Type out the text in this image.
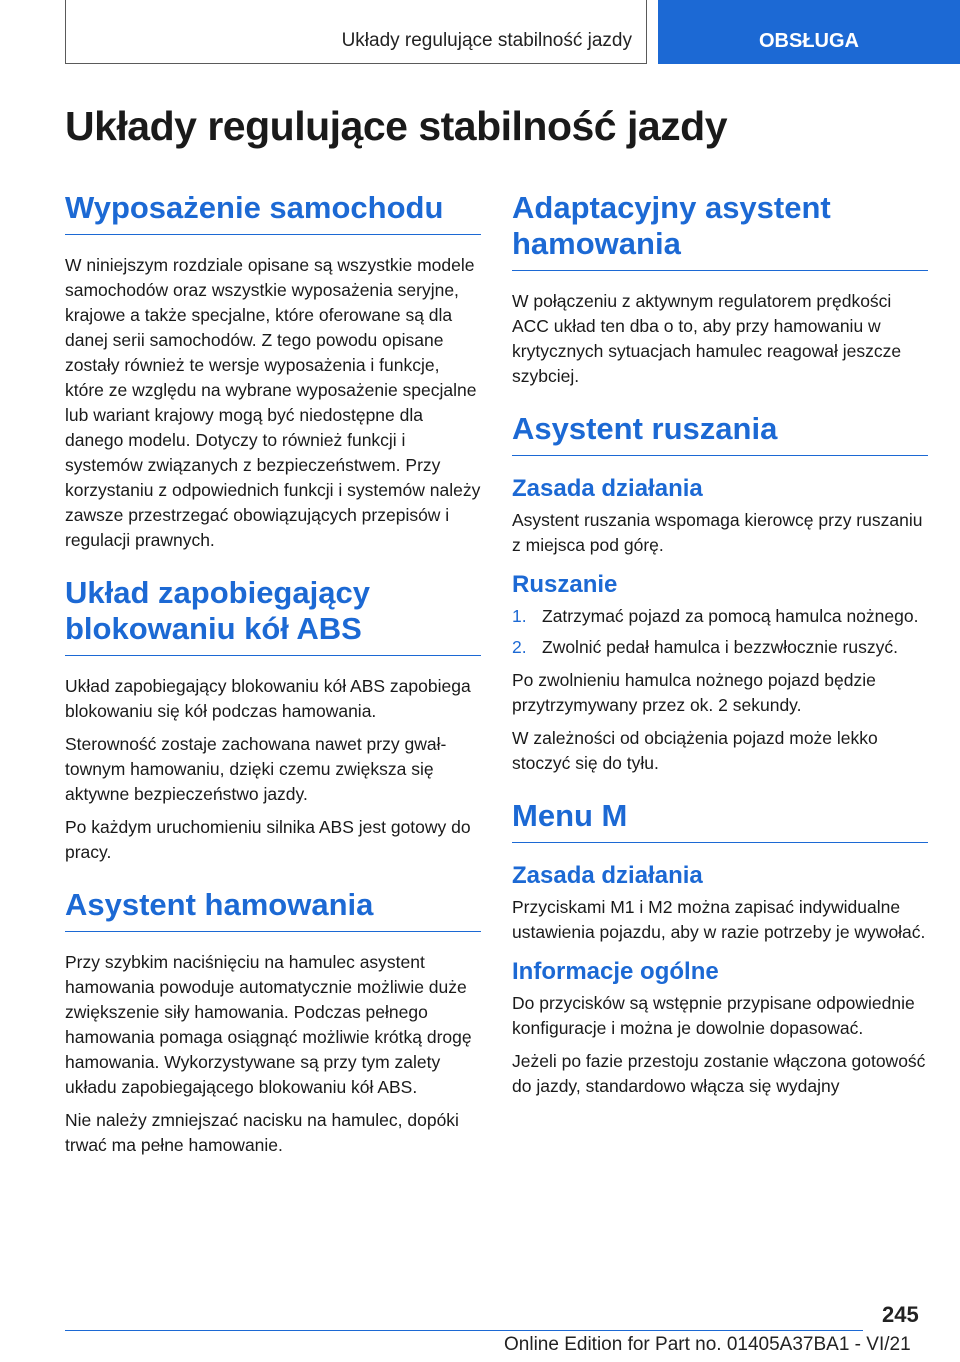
Układy regulujące stabilność jazdy	OBSŁUGA
Układy regulujące stabilność jazdy
Wyposażenie samochodu

W niniejszym rozdziale opisane są wszystkie modele samochodów oraz wszystkie wyposażenia seryjne, krajowe a także specjalne, które oferowane są dla danej serii samochodów. Z tego powodu opisane zostały również te wersje wyposażenia i funkcje, które ze względu na wybrane wyposażenie specjalne lub wariant krajowy mogą być niedostępne dla danego modelu. Dotyczy to również funkcji i systemów związanych z bezpieczeństwem. Przy korzystaniu z odpowiednich funkcji i systemów należy zawsze przestrzegać obowiązujących przepisów i regulacji prawnych.

Układ zapobiegający blokowaniu kół ABS

Układ zapobiegający blokowaniu kół ABS zapobiega blokowaniu się kół podczas hamowania.

Sterowność zostaje zachowana nawet przy gwałtownym hamowaniu, dzięki czemu zwiększa się aktywne bezpieczeństwo jazdy.

Po każdym uruchomieniu silnika ABS jest gotowy do pracy.

Asystent hamowania

Przy szybkim naciśnięciu na hamulec asystent hamowania powoduje automatycznie możliwie duże zwiększenie siły hamowania. Podczas pełnego hamowania pomaga osiągnąć możliwie krótką drogę hamowania. Wykorzystywane są przy tym zalety układu zapobiegającego blokowaniu kół ABS.

Nie należy zmniejszać nacisku na hamulec, dopóki trwać ma pełne hamowanie.

Adaptacyjny asystent hamowania

W połączeniu z aktywnym regulatorem prędkości ACC układ ten dba o to, aby przy hamowaniu w krytycznych sytuacjach hamulec reagował jeszcze szybciej.

Asystent ruszania
Zasada działania

Asystent ruszania wspomaga kierowcę przy ruszaniu z miejsca pod górę.

Ruszanie
1. Zatrzymać pojazd za pomocą hamulca nożnego.
2. Zwolnić pedał hamulca i bezzwłocznie ruszyć.

Po zwolnieniu hamulca nożnego pojazd będzie przytrzymywany przez ok. 2 sekundy.

W zależności od obciążenia pojazd może lekko stoczyć się do tyłu.

Menu M
Zasada działania

Przyciskami M1 i M2 można zapisać indywidualne ustawienia pojazdu, aby w razie potrzeby je wywołać.

Informacje ogólne

Do przycisków są wstępnie przypisane odpowiednie konfiguracje i można je dowolnie dopasować.

Jeżeli po fazie przestoju zostanie włączona gotowość do jazdy, standardowo włącza się wydajny

245
Online Edition for Part no. 01405A37BA1 - VI/21
